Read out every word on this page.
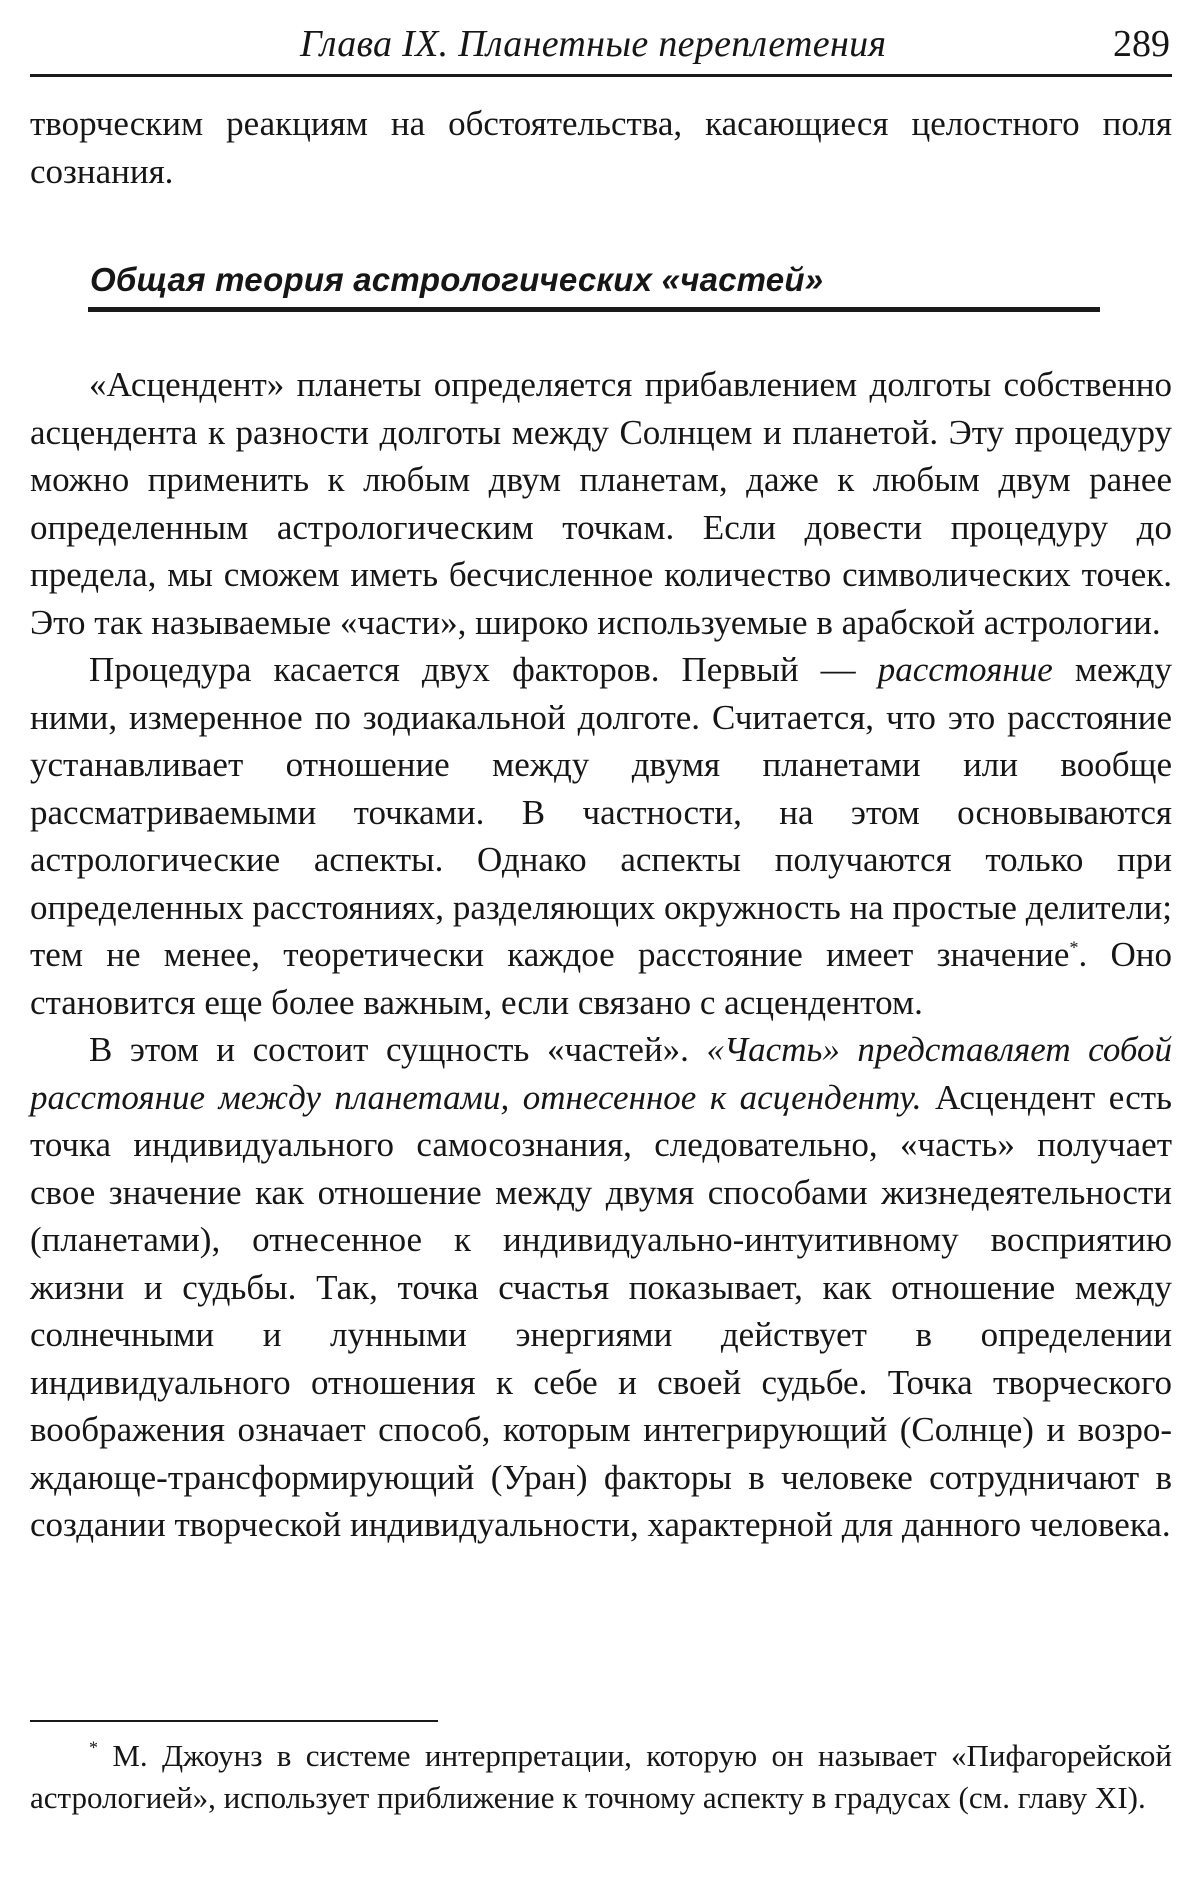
Глава IX. Планетные переплетения	289

творческим реакциям на обстоятельства, касающиеся целостного поля сознания.

Общая теория астрологических «частей»

«Асцендент» планеты определяется прибавлением долготы собственно асцендента к разности долготы между Солнцем и планетой. Эту процедуру можно применить к любым двум планетам, даже к любым двум ранее определенным астрологическим точкам. Если довести процедуру до предела, мы сможем иметь бесчисленное количество символических точек. Это так называемые «части», широко используемые в арабской астрологии.

Процедура касается двух факторов. Первый — расстояние между ними, измеренное по зодиакальной долготе. Считается, что это расстояние устанавливает отношение между двумя планетами или вообще рассматриваемыми точками. В частности, на этом основываются астрологические аспекты. Однако аспекты получаются только при определенных расстояниях, разделяющих окружность на простые делители; тем не менее, теоретически каждое расстояние имеет значение*. Оно становится еще более важным, если связано с асцендентом.

В этом и состоит сущность «частей». «Часть» представляет собой расстояние между планетами, отнесенное к асценденту. Асцендент есть точка индивидуального самосознания, следовательно, «часть» получает свое значение как отношение между двумя способами жизнедеятельности (планетами), отнесенное к индивидуально-интуитивному восприятию жизни и судьбы. Так, точка счастья показывает, как отношение между солнечными и лунными энергиями действует в определении индивидуального отношения к себе и своей судьбе. Точка творческого воображения означает способ, которым интегрирующий (Солнце) и возрождающе-трансформирующий (Уран) факторы в человеке сотрудничают в создании творческой индивидуальности, характерной для данного человека.

* М. Джоунз в системе интерпретации, которую он называет «Пифагорейской астрологией», использует приближение к точному аспекту в градусах (см. главу XI).
